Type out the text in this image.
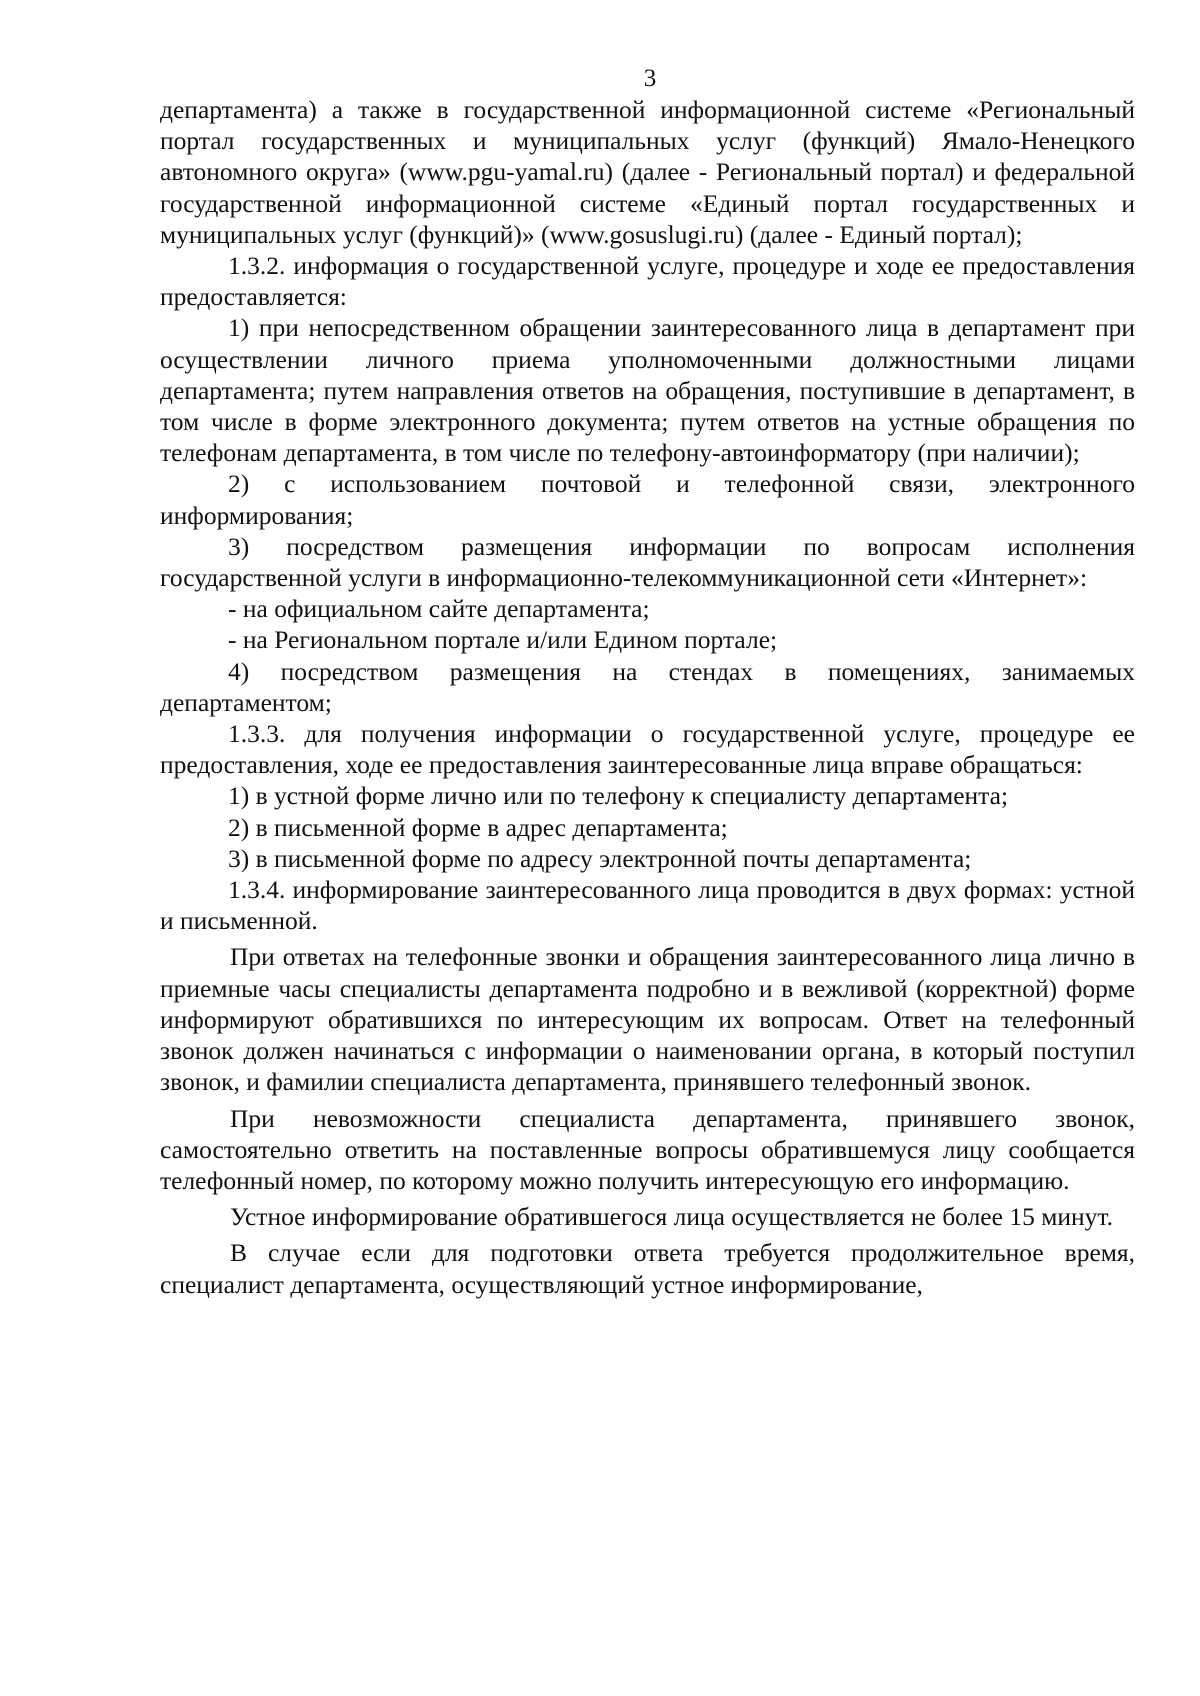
3

департамента) а также в государственной информационной системе «Региональный портал государственных и муниципальных услуг (функций) Ямало-Ненецкого автономного округа» (www.pgu-yamal.ru) (далее - Региональный портал) и федеральной государственной информационной системе «Единый портал государственных и муниципальных услуг (функций)» (www.gosuslugi.ru) (далее - Единый портал);

1.3.2. информация о государственной услуге, процедуре и ходе ее предоставления предоставляется:

1) при непосредственном обращении заинтересованного лица в департамент при осуществлении личного приема уполномоченными должностными лицами департамента; путем направления ответов на обращения, поступившие в департамент, в том числе в форме электронного документа; путем ответов на устные обращения по телефонам департамента, в том числе по телефону-автоинформатору (при наличии);

2) с использованием почтовой и телефонной связи, электронного информирования;

3) посредством размещения информации по вопросам исполнения государственной услуги в информационно-телекоммуникационной сети «Интернет»:

- на официальном сайте департамента;

- на Региональном портале и/или Едином портале;

4) посредством размещения на стендах в помещениях, занимаемых департаментом;

1.3.3. для получения информации о государственной услуге, процедуре ее предоставления, ходе ее предоставления заинтересованные лица вправе обращаться:

1) в устной форме лично или по телефону к специалисту департамента;

2) в письменной форме в адрес департамента;

3) в письменной форме по адресу электронной почты департамента;

1.3.4. информирование заинтересованного лица проводится в двух формах: устной и письменной.

При ответах на телефонные звонки и обращения заинтересованного лица лично в приемные часы специалисты департамента подробно и в вежливой (корректной) форме информируют обратившихся по интересующим их вопросам. Ответ на телефонный звонок должен начинаться с информации о наименовании органа, в который поступил звонок, и фамилии специалиста департамента, принявшего телефонный звонок.

При невозможности специалиста департамента, принявшего звонок, самостоятельно ответить на поставленные вопросы обратившемуся лицу сообщается телефонный номер, по которому можно получить интересующую его информацию.

Устное информирование обратившегося лица осуществляется не более 15 минут.

В случае если для подготовки ответа требуется продолжительное время, специалист департамента, осуществляющий устное информирование,
